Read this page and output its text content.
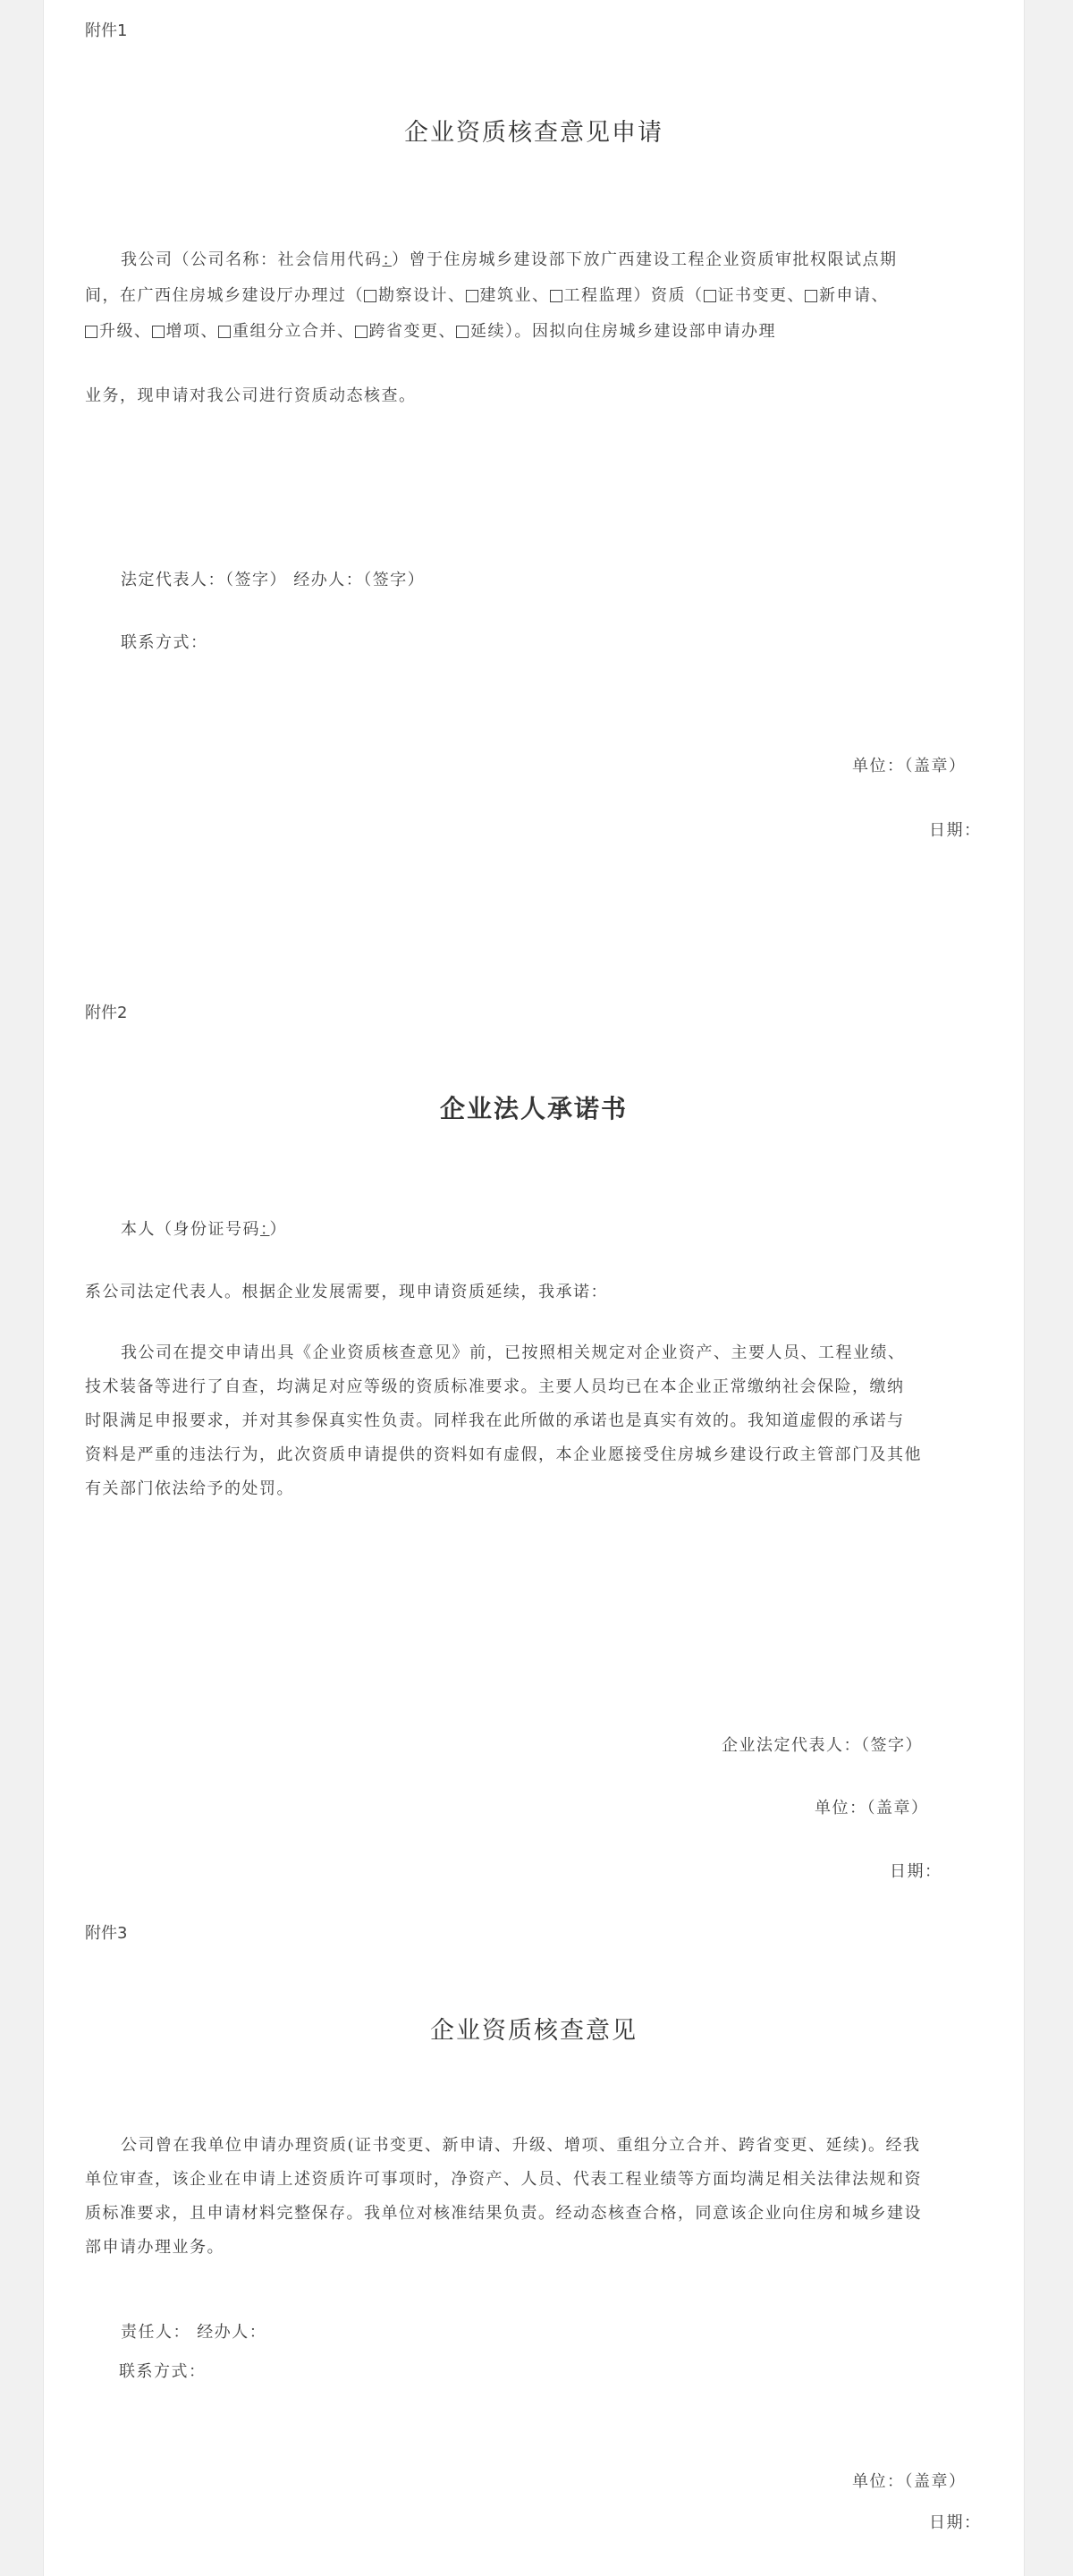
附件1
企业资质核查意见申请
我公司（公司名称：社会信用代码：）曾于住房城乡建设部下放广西建设工程企业资质审批权限试点期
间，在广西住房城乡建设厅办理过（ 勘察设计、 建筑业、 工程监理）资质（ 证书变更、 新申请、
升级、 增项、 重组分立合并、 跨省变更、 延续）。因拟向住房城乡建设部申请办理
业务，现申请对我公司进行资质动态核查。
法定代表人：（签字） 经办人：（签字）
联系方式：
单位：（盖章）
日期：
附件2
企业法人承诺书
本人（身份证号码：）
系公司法定代表人。根据企业发展需要，现申请资质延续，我承诺：
我公司在提交申请出具《企业资质核查意见》前，已按照相关规定对企业资产、主要人员、工程业绩、
技术装备等进行了自查，均满足对应等级的资质标准要求。主要人员均已在本企业正常缴纳社会保险，缴纳
时限满足申报要求，并对其参保真实性负责。同样我在此所做的承诺也是真实有效的。我知道虚假的承诺与
资料是严重的违法行为，此次资质申请提供的资料如有虚假，本企业愿接受住房城乡建设行政主管部门及其他
有关部门依法给予的处罚。
企业法定代表人：（签字）
单位：（盖章）
日期：
附件3
企业资质核查意见
公司曾在我单位申请办理资质(证书变更、新申请、升级、增项、重组分立合并、跨省变更、延续)。经我
单位审查，该企业在申请上述资质许可事项时，净资产、人员、代表工程业绩等方面均满足相关法律法规和资
质标准要求，且申请材料完整保存。我单位对核准结果负责。经动态核查合格，同意该企业向住房和城乡建设
部申请办理业务。
责任人： 经办人：
联系方式：
单位：（盖章）
日期：
